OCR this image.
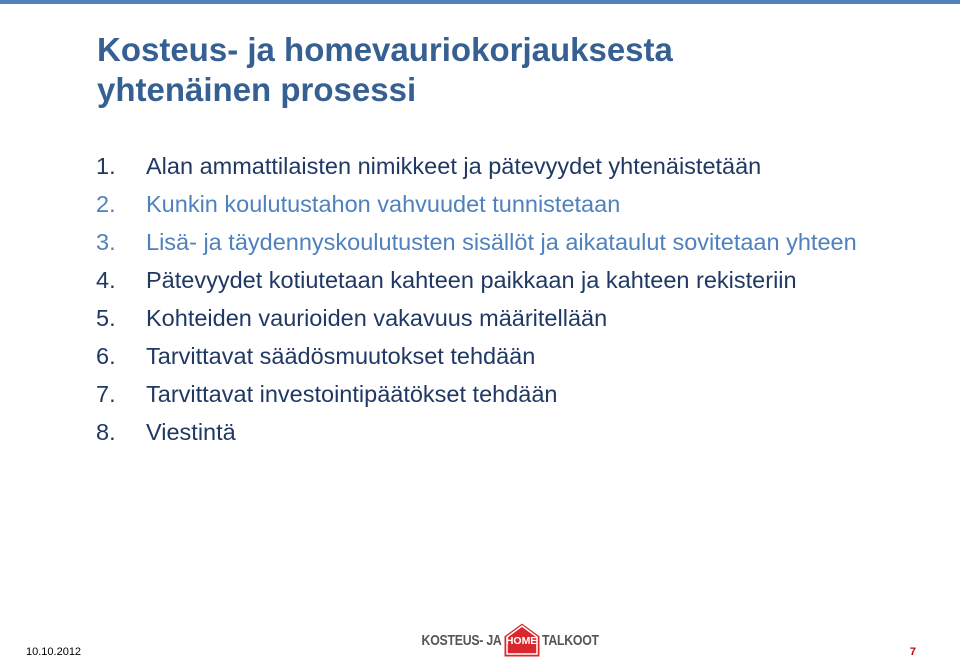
Kosteus- ja homevauriokorjauksesta
yhtenäinen prosessi
1. Alan ammattilaisten nimikkeet ja pätevyydet yhtenäistetään
2. Kunkin koulutustahon vahvuudet tunnistetaan
3. Lisä- ja täydennyskoulutusten sisällöt ja aikataulut sovitetaan yhteen
4. Pätevyydet kotiutetaan kahteen paikkaan ja kahteen rekisteriin
5. Kohteiden vaurioiden vakavuus määritellään
6. Tarvittavat säädösmuutokset tehdään
7. Tarvittavat investointipäätökset tehdään
8. Viestintä
10.10.2012
KOSTEUS- JA HOME TALKOOT
7
